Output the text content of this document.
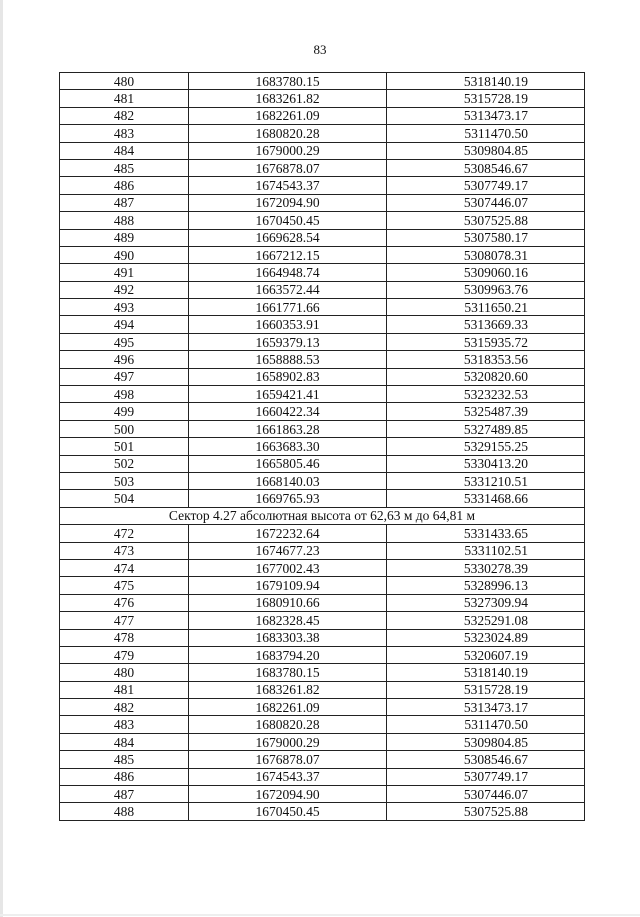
83
480	1683780.15	5318140.19
481	1683261.82	5315728.19
482	1682261.09	5313473.17
483	1680820.28	5311470.50
484	1679000.29	5309804.85
485	1676878.07	5308546.67
486	1674543.37	5307749.17
487	1672094.90	5307446.07
488	1670450.45	5307525.88
489	1669628.54	5307580.17
490	1667212.15	5308078.31
491	1664948.74	5309060.16
492	1663572.44	5309963.76
493	1661771.66	5311650.21
494	1660353.91	5313669.33
495	1659379.13	5315935.72
496	1658888.53	5318353.56
497	1658902.83	5320820.60
498	1659421.41	5323232.53
499	1660422.34	5325487.39
500	1661863.28	5327489.85
501	1663683.30	5329155.25
502	1665805.46	5330413.20
503	1668140.03	5331210.51
504	1669765.93	5331468.66
Сектор 4.27 абсолютная высота от 62,63 м до 64,81 м		
472	1672232.64	5331433.65
473	1674677.23	5331102.51
474	1677002.43	5330278.39
475	1679109.94	5328996.13
476	1680910.66	5327309.94
477	1682328.45	5325291.08
478	1683303.38	5323024.89
479	1683794.20	5320607.19
480	1683780.15	5318140.19
481	1683261.82	5315728.19
482	1682261.09	5313473.17
483	1680820.28	5311470.50
484	1679000.29	5309804.85
485	1676878.07	5308546.67
486	1674543.37	5307749.17
487	1672094.90	5307446.07
488	1670450.45	5307525.88
